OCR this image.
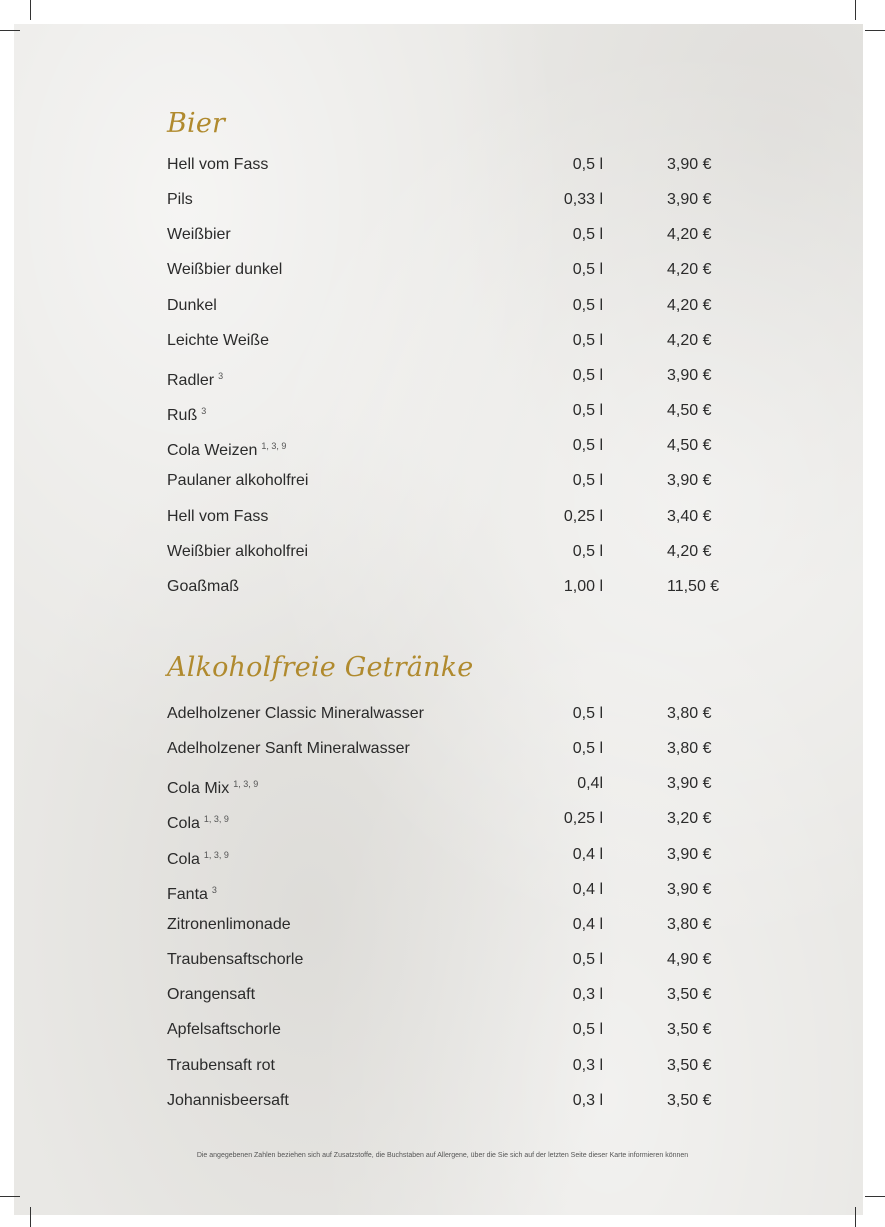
Bier
Hell vom Fass	0,5 l	3,90 €
Pils	0,33 l	3,90 €
Weißbier	0,5 l	4,20 €
Weißbier dunkel	0,5 l	4,20 €
Dunkel	0,5 l	4,20 €
Leichte Weiße	0,5 l	4,20 €
Radler $^3$	0,5 l	3,90 €
Ruß $^3$	0,5 l	4,50 €
Cola Weizen $^{1, 3, 9}$	0,5 l	4,50 €
Paulaner alkoholfrei	0,5 l	3,90 €
Hell vom Fass	0,25 l	3,40 €
Weißbier alkoholfrei	0,5 l	4,20 €
Goaßmaß	1,00 l	11,50 €
Alkoholfreie Getränke
Adelholzener Classic Mineralwasser	0,5 l	3,80 €
Adelholzener Sanft Mineralwasser	0,5 l	3,80 €
Cola Mix $^{1, 3, 9}$	0,4l	3,90 €
Cola $^{1, 3, 9}$	0,25 l	3,20 €
Cola $^{1, 3, 9}$	0,4 l	3,90 €
Fanta $^3$	0,4 l	3,90 €
Zitronenlimonade	0,4 l	3,80 €
Traubensaftschorle	0,5 l	4,90 €
Orangensaft	0,3 l	3,50 €
Apfelsaftschorle	0,5 l	3,50 €
Traubensaft rot	0,3 l	3,50 €
Johannisbeersaft	0,3 l	3,50 €
Die angegebenen Zahlen beziehen sich auf Zusatzstoffe, die Buchstaben auf Allergene, über die Sie sich auf der letzten Seite dieser Karte informieren können
